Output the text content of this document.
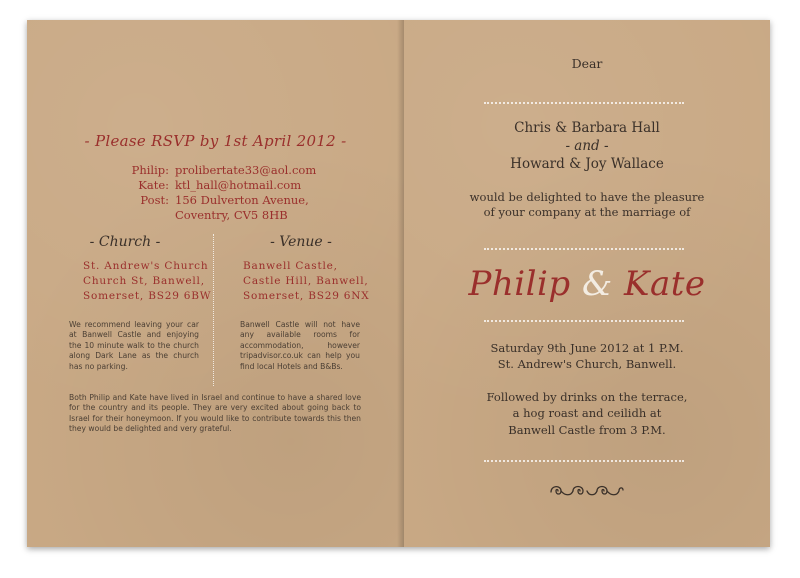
- Please RSVP by 1st April 2012 -
Philip: prolibertate33@aol.com
Kate: ktl_hall@hotmail.com
Post: 156 Dulverton Avenue,
Coventry, CV5 8HB
- Church -
St. Andrew's Church
Church St, Banwell,
Somerset, BS29 6BW
We recommend leaving your car at Banwell Castle and enjoying the 10 minute walk to the church along Dark Lane as the church has no parking.
- Venue -
Banwell Castle,
Castle Hill, Banwell,
Somerset, BS29 6NX
Banwell Castle will not have any available rooms for accommodation, however tripadvisor.co.uk can help you find local Hotels and B&Bs.
Both Philip and Kate have lived in Israel and continue to have a shared love for the country and its people. They are very excited about going back to Israel for their honeymoon. If you would like to contribute towards this then they would be delighted and very grateful.
Dear
Chris & Barbara Hall
- and -
Howard & Joy Wallace
would be delighted to have the pleasure
of your company at the marriage of
Philip & Kate
Saturday 9th June 2012 at 1 P.M.
St. Andrew's Church, Banwell.
Followed by drinks on the terrace,
a hog roast and ceilidh at
Banwell Castle from 3 P.M.
